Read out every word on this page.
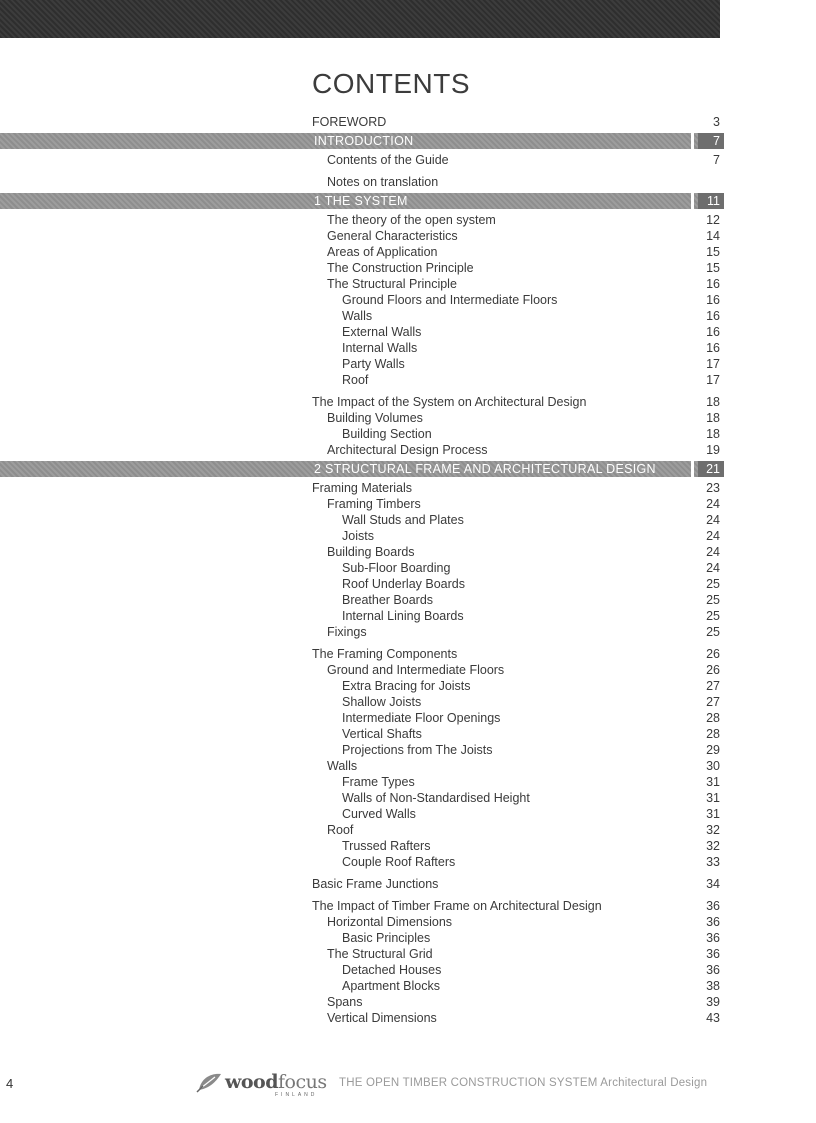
CONTENTS
FOREWORD	3
INTRODUCTION	7
Contents of the Guide	7
Notes on translation
1 THE SYSTEM	11
The theory of the open system	12
General Characteristics	14
Areas of Application	15
The Construction Principle	15
The Structural Principle	16
Ground Floors and Intermediate Floors	16
Walls	16
External Walls	16
Internal Walls	16
Party Walls	17
Roof	17
The Impact of the System on Architectural Design	18
Building Volumes	18
Building Section	18
Architectural Design Process	19
2 STRUCTURAL FRAME AND ARCHITECTURAL DESIGN	21
Framing Materials	23
Framing Timbers	24
Wall Studs and Plates	24
Joists	24
Building Boards	24
Sub-Floor Boarding	24
Roof Underlay Boards	25
Breather Boards	25
Internal Lining Boards	25
Fixings	25
The Framing Components	26
Ground and Intermediate Floors	26
Extra Bracing for Joists	27
Shallow Joists	27
Intermediate Floor Openings	28
Vertical Shafts	28
Projections from The Joists	29
Walls	30
Frame Types	31
Walls of Non-Standardised Height	31
Curved Walls	31
Roof	32
Trussed Rafters	32
Couple Roof Rafters	33
Basic Frame Junctions	34
The Impact of Timber Frame on Architectural Design	36
Horizontal Dimensions	36
Basic Principles	36
The Structural Grid	36
Detached Houses	36
Apartment Blocks	38
Spans	39
Vertical Dimensions	43
4	woodfocus
FINLAND
THE OPEN TIMBER CONSTRUCTION SYSTEM Architectural Design
